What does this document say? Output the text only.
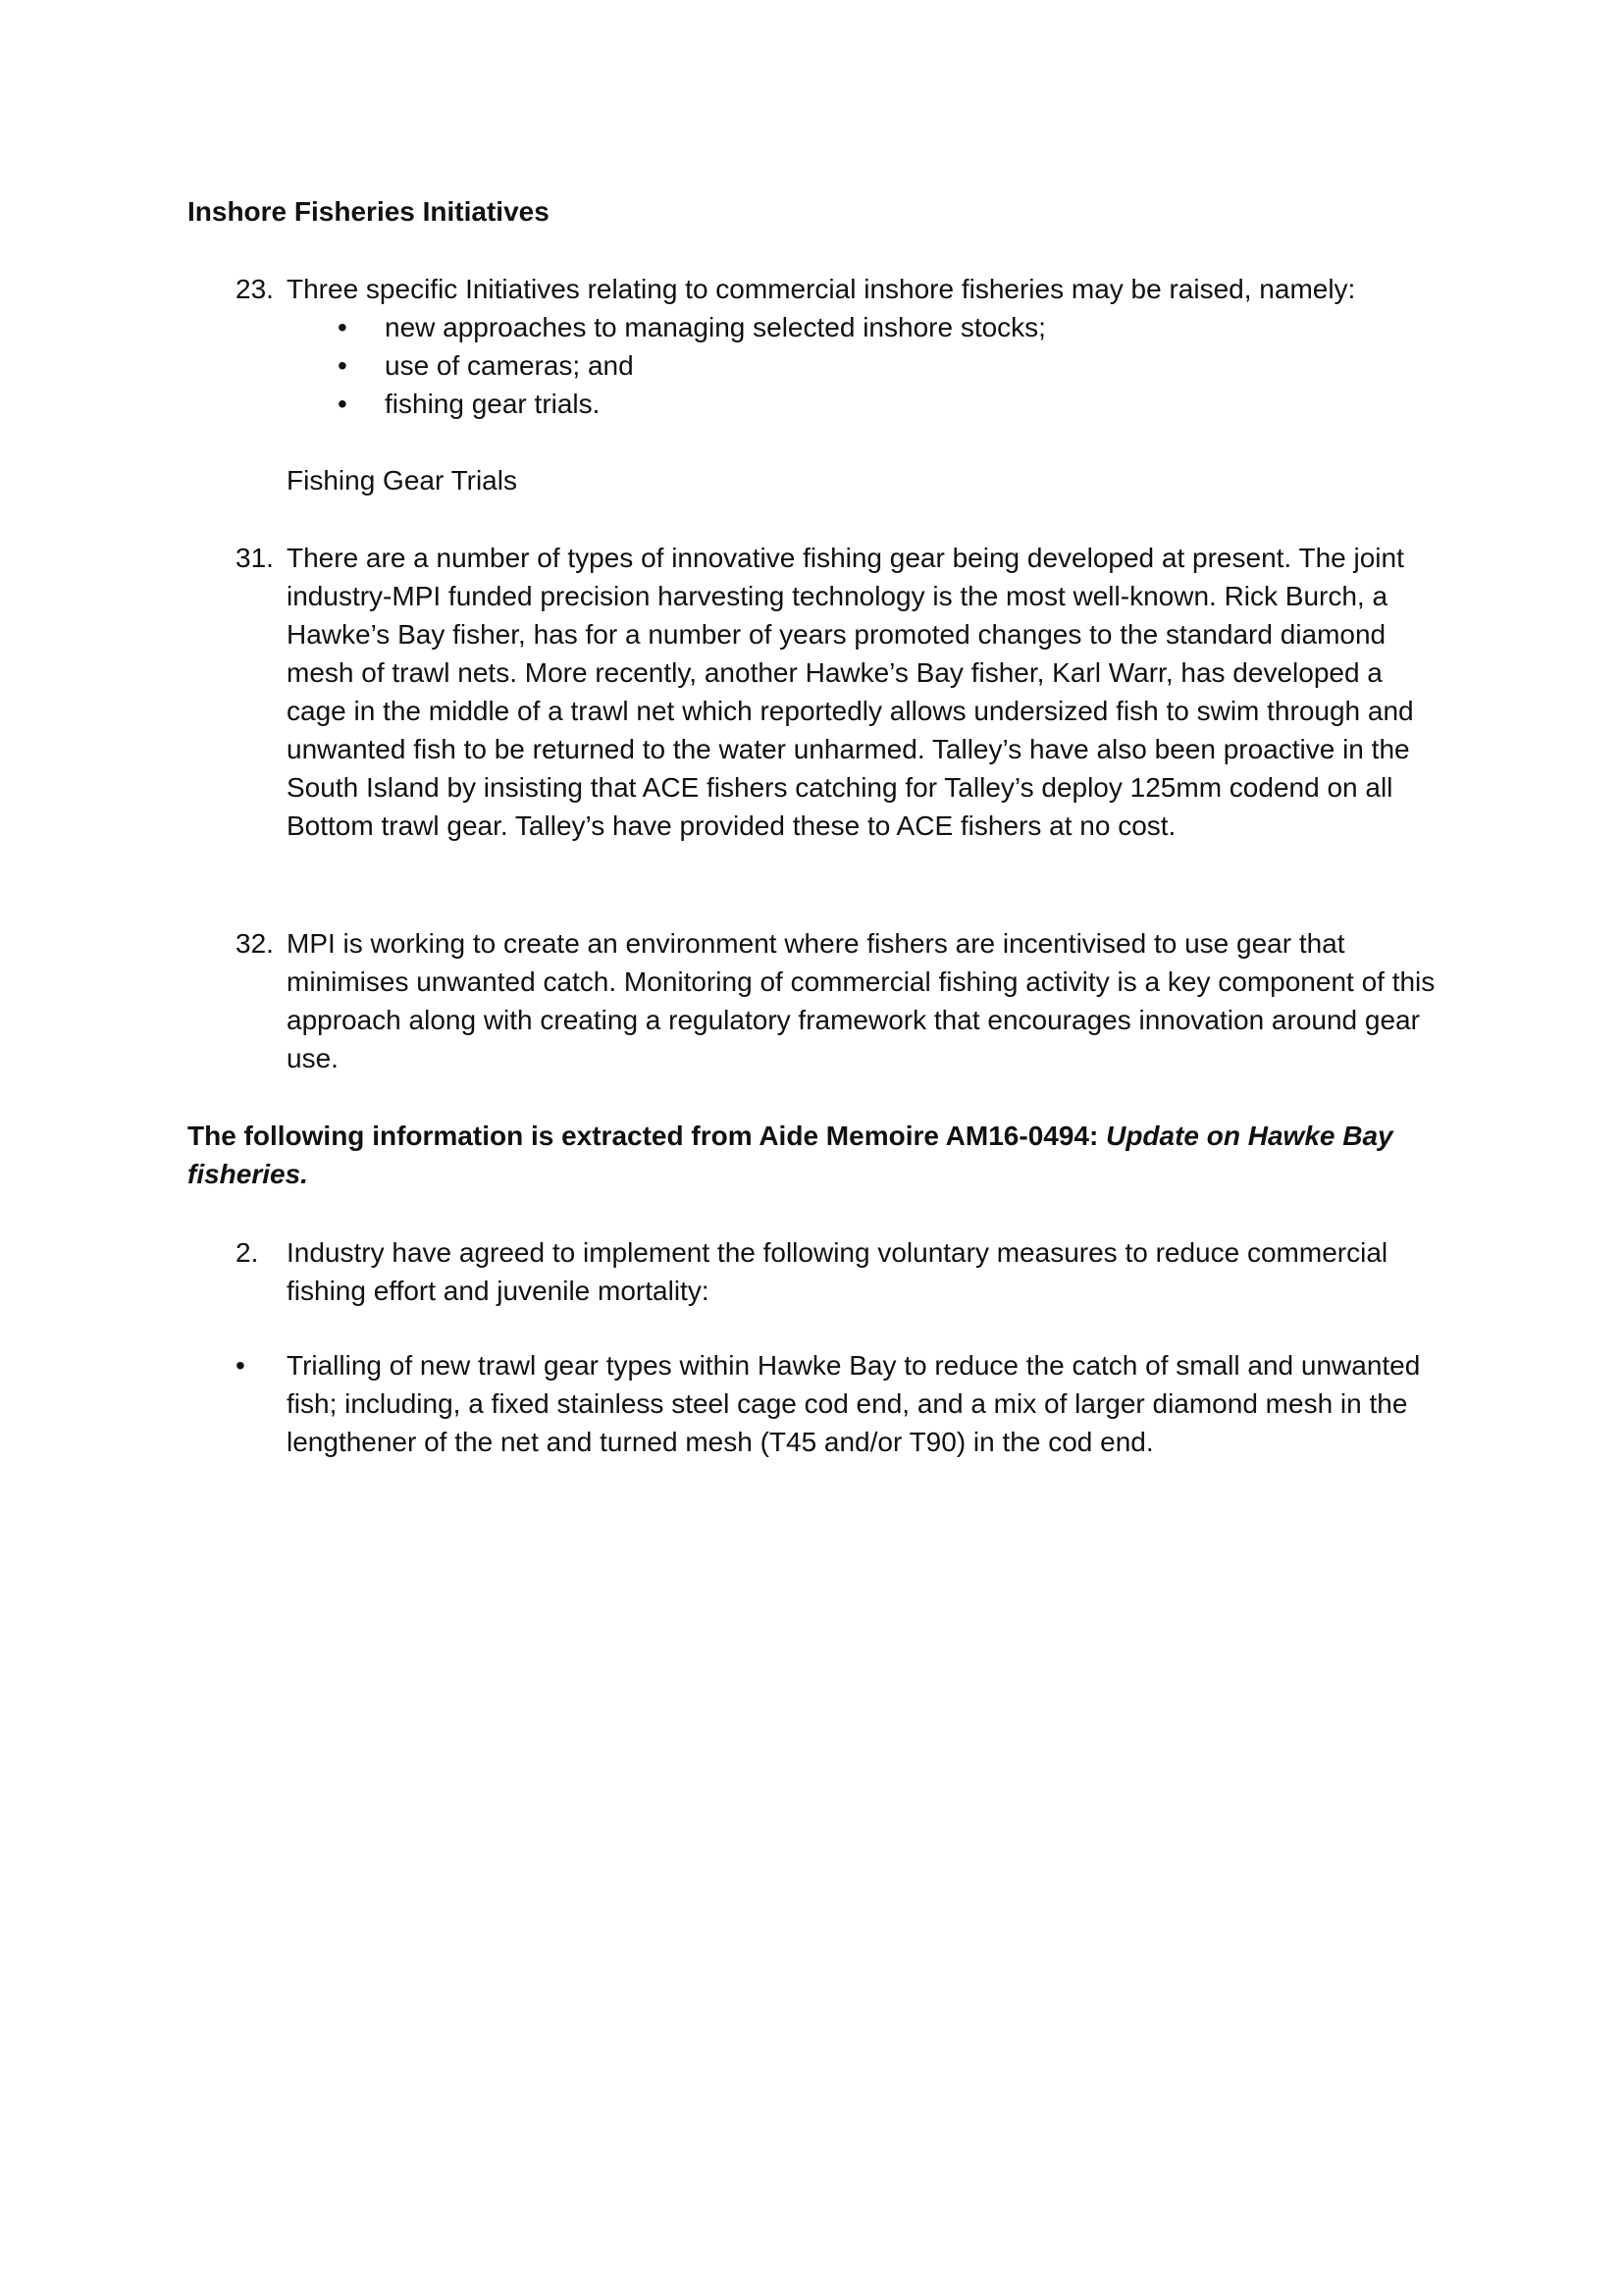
Inshore Fisheries Initiatives
23. Three specific Initiatives relating to commercial inshore fisheries may be raised, namely:
• new approaches to managing selected inshore stocks;
• use of cameras; and
• fishing gear trials.
Fishing Gear Trials
31. There are a number of types of innovative fishing gear being developed at present. The joint industry-MPI funded precision harvesting technology is the most well-known. Rick Burch, a Hawke’s Bay fisher, has for a number of years promoted changes to the standard diamond mesh of trawl nets. More recently, another Hawke’s Bay fisher, Karl Warr, has developed a cage in the middle of a trawl net which reportedly allows undersized fish to swim through and unwanted fish to be returned to the water unharmed. Talley’s have also been proactive in the South Island by insisting that ACE fishers catching for Talley’s deploy 125mm codend on all Bottom trawl gear. Talley’s have provided these to ACE fishers at no cost.
32. MPI is working to create an environment where fishers are incentivised to use gear that minimises unwanted catch. Monitoring of commercial fishing activity is a key component of this approach along with creating a regulatory framework that encourages innovation around gear use.
The following information is extracted from Aide Memoire AM16-0494: Update on Hawke Bay fisheries.
2.	Industry have agreed to implement the following voluntary measures to reduce commercial fishing effort and juvenile mortality:
• Trialling of new trawl gear types within Hawke Bay to reduce the catch of small and unwanted fish; including, a fixed stainless steel cage cod end, and a mix of larger diamond mesh in the lengthener of the net and turned mesh (T45 and/or T90) in the cod end.
